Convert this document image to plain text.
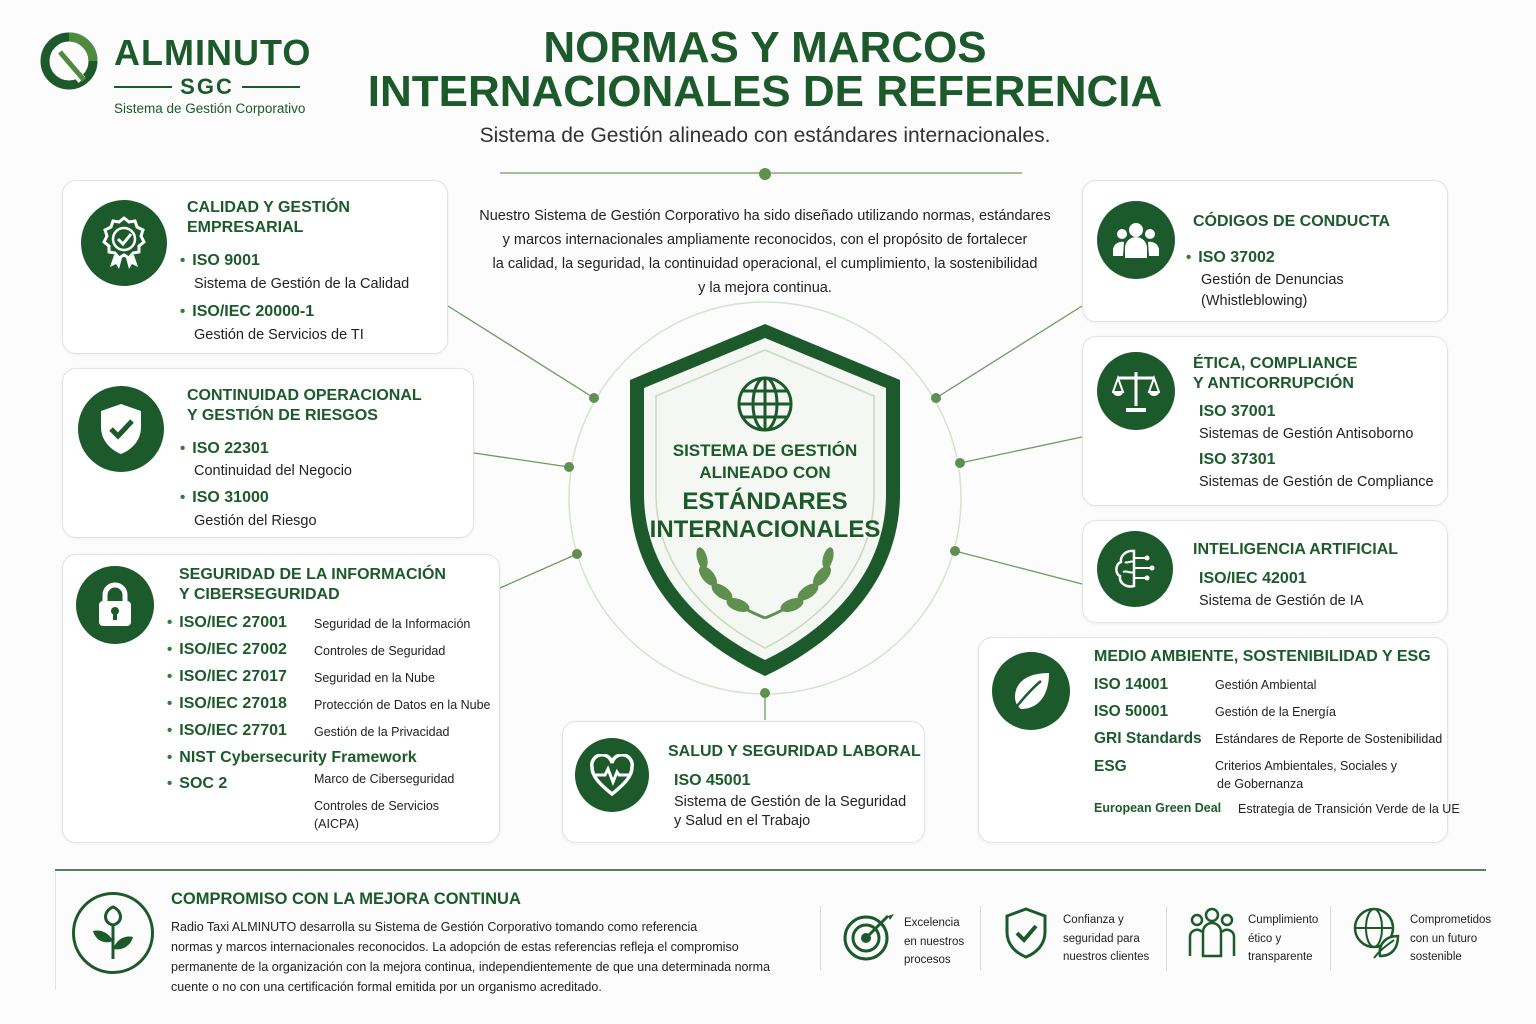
ALMINUTO
SGC
Sistema de Gestión Corporativo
NORMAS Y MARCOS
INTERNACIONALES DE REFERENCIA
Sistema de Gestión alineado con estándares internacionales.
Nuestro Sistema de Gestión Corporativo ha sido diseñado utilizando normas, estándares
y marcos internacionales ampliamente reconocidos, con el propósito de fortalecer
la calidad, la seguridad, la continuidad operacional, el cumplimiento, la sostenibilidad
y la mejora continua.
SISTEMA DE GESTIÓN
ALINEADO CON
ESTÁNDARES
INTERNACIONALES
CALIDAD Y GESTIÓN
EMPRESARIAL
• ISO 9001
Sistema de Gestión de la Calidad
• ISO/IEC 20000-1
Gestión de Servicios de TI
CONTINUIDAD OPERACIONAL
Y GESTIÓN DE RIESGOS
• ISO 22301
Continuidad del Negocio
• ISO 31000
Gestión del Riesgo
SEGURIDAD DE LA INFORMACIÓN
Y CIBERSEGURIDAD
• ISO/IEC 27001 Seguridad de la Información
• ISO/IEC 27002 Controles de Seguridad
• ISO/IEC 27017 Seguridad en la Nube
• ISO/IEC 27018 Protección de Datos en la Nube
• ISO/IEC 27701 Gestión de la Privacidad
• NIST Cybersecurity Framework
Marco de Ciberseguridad
• SOC 2
Controles de Servicios
(AICPA)
SALUD Y SEGURIDAD LABORAL
ISO 45001
Sistema de Gestión de la Seguridad
y Salud en el Trabajo
CÓDIGOS DE CONDUCTA
• ISO 37002
Gestión de Denuncias
(Whistleblowing)
ÉTICA, COMPLIANCE
Y ANTICORRUPCIÓN
ISO 37001
Sistemas de Gestión Antisoborno
ISO 37301
Sistemas de Gestión de Compliance
INTELIGENCIA ARTIFICIAL
ISO/IEC 42001
Sistema de Gestión de IA
MEDIO AMBIENTE, SOSTENIBILIDAD Y ESG
ISO 14001	Gestión Ambiental
ISO 50001	Gestión de la Energía
GRI Standards Estándares de Reporte de Sostenibilidad
ESG	Criterios Ambientales, Sociales y
de Gobernanza
European Green Deal Estrategia de Transición Verde de la UE
COMPROMISO CON LA MEJORA CONTINUA
Radio Taxi ALMINUTO desarrolla su Sistema de Gestión Corporativo tomando como referencia
normas y marcos internacionales reconocidos. La adopción de estas referencias refleja el compromiso
permanente de la organización con la mejora continua, independientemente de que una determinada norma
cuente o no con una certificación formal emitida por un organismo acreditado.
Excelencia
en nuestros
procesos
Confianza y
seguridad para
nuestros clientes
Cumplimiento
ético y
transparente
Comprometidos
con un futuro
sostenible
